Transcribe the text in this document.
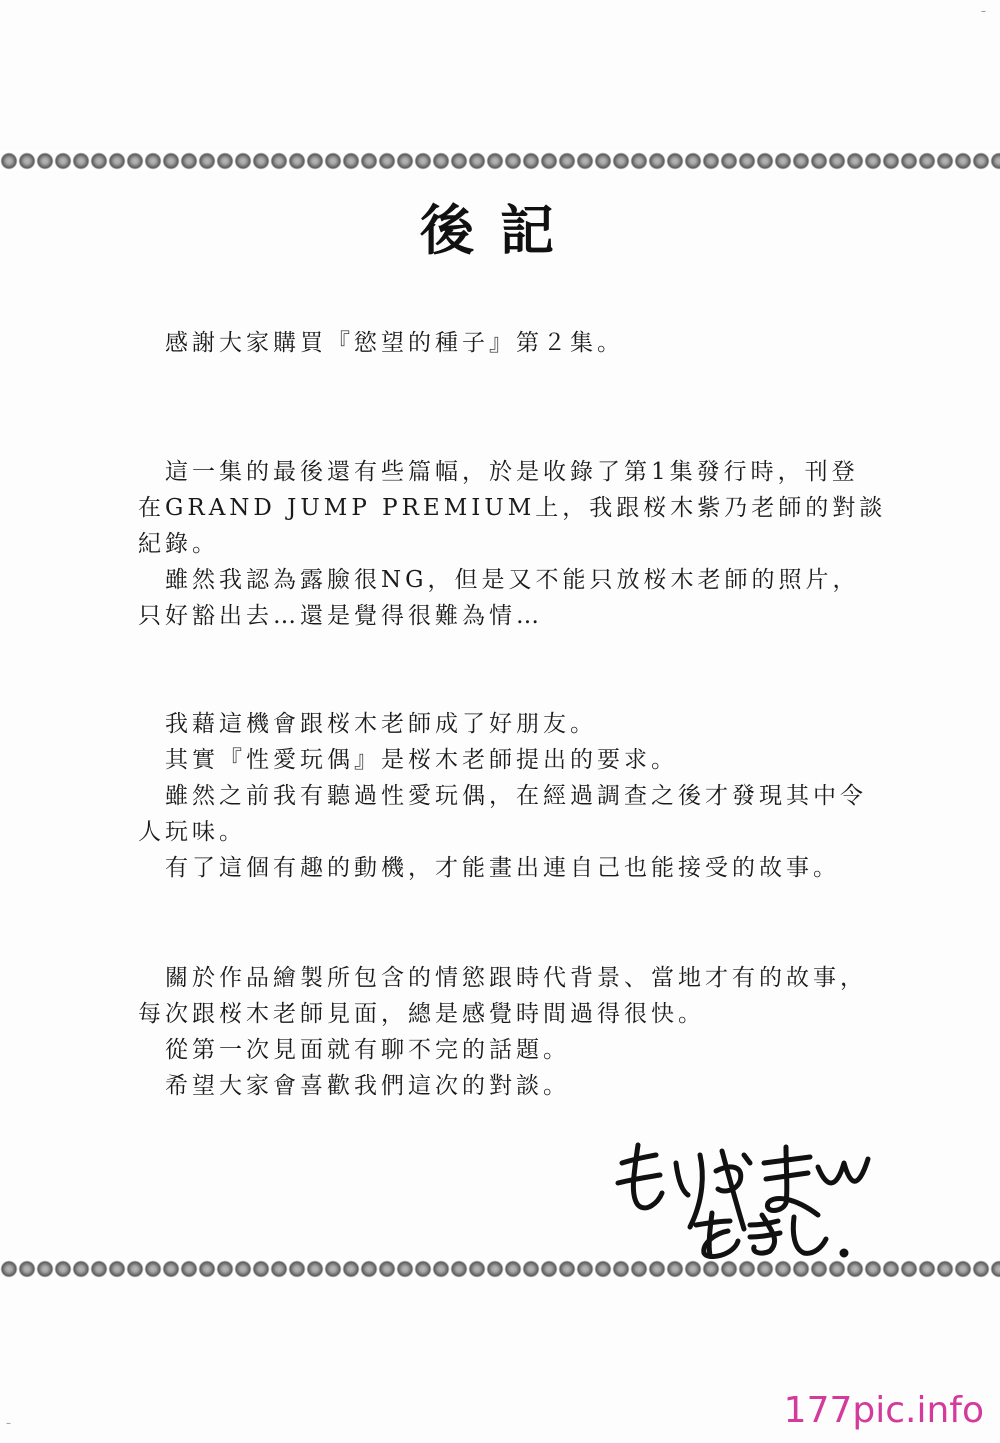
–
後記

　感謝大家購買『慾望的種子』第２集。

　這一集的最後還有些篇幅，於是收錄了第1集發行時，刊登

在GRAND JUMP PREMIUM上，我跟桜木紫乃老師的對談

紀錄。

　雖然我認為露臉很NG，但是又不能只放桜木老師的照片，

只好豁出去…還是覺得很難為情…

　我藉這機會跟桜木老師成了好朋友。

　其實『性愛玩偶』是桜木老師提出的要求。

　雖然之前我有聽過性愛玩偶，在經過調查之後才發現其中令

人玩味。

　有了這個有趣的動機，才能畫出連自己也能接受的故事。

　關於作品繪製所包含的情慾跟時代背景、當地才有的故事，

每次跟桜木老師見面，總是感覺時間過得很快。

　從第一次見面就有聊不完的話題。

　希望大家會喜歡我們這次的對談。

–	177pic.info
